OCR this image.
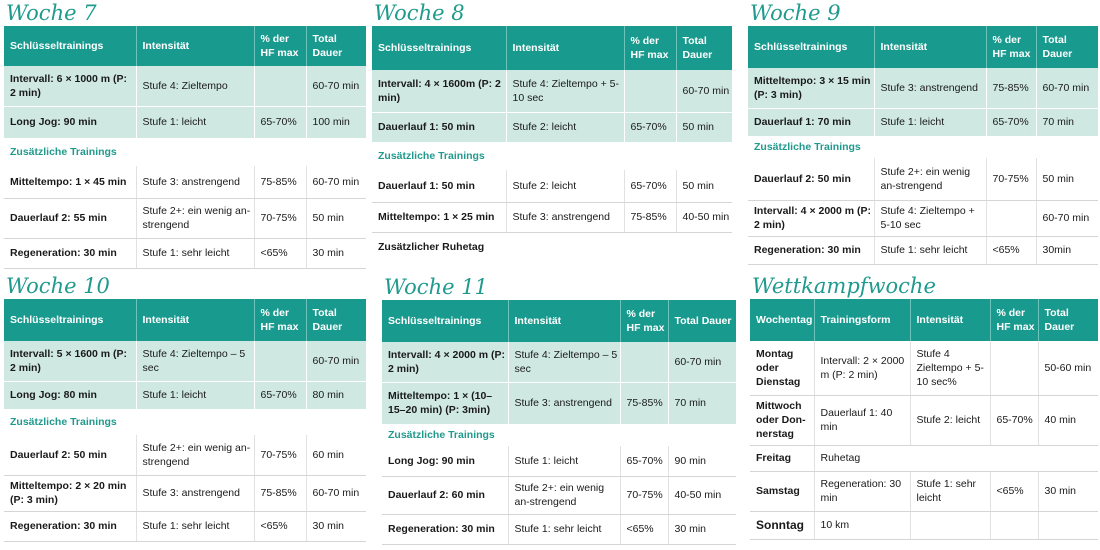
Woche 7
Schlüsseltrainings	Intensität	% der HF max	Total Dauer
Intervall: 6 × 1000 m (P: 2 min)	Stufe 4: Zieltempo		60-70 min
Long Jog: 90 min	Stufe 1: leicht	65-70%	100 min
Zusätzliche Trainings			
Mitteltempo: 1 × 45 min	Stufe 3: anstrengend	75-85%	60-70 min
Dauerlauf 2: 55 min	Stufe 2+: ein wenig an-strengend	70-75%	50 min
Regeneration: 30 min	Stufe 1: sehr leicht	<65%	30 min
Woche 8
Schlüsseltrainings	Intensität	% der HF max	Total Dauer
Intervall: 4 × 1600m (P: 2 min)	Stufe 4: Zieltempo + 5-10 sec		60-70 min
Dauerlauf 1: 50 min	Stufe 2: leicht	65-70%	50 min
Zusätzliche Trainings			
Dauerlauf 1: 50 min	Stufe 2: leicht	65-70%	50 min
Mitteltempo: 1 × 25 min	Stufe 3: anstrengend	75-85%	40-50 min
Zusätzlicher Ruhetag			
Woche 9
Schlüsseltrainings	Intensität	% der HF max	Total Dauer
Mitteltempo: 3 × 15 min (P: 3 min)	Stufe 3: anstrengend	75-85%	60-70 min
Dauerlauf 1: 70 min	Stufe 1: leicht	65-70%	70 min
Zusätzliche Trainings			
Dauerlauf 2: 50 min	Stufe 2+: ein wenig an-strengend	70-75%	50 min
Intervall: 4 × 2000 m (P: 2 min)	Stufe 4: Zieltempo + 5-10 sec		60-70 min
Regeneration: 30 min	Stufe 1: sehr leicht	<65%	30min
Woche 10
Schlüsseltrainings	Intensität	% der HF max	Total Dauer
Intervall: 5 × 1600 m (P: 2 min)	Stufe 4: Zieltempo – 5 sec		60-70 min
Long Jog: 80 min	Stufe 1: leicht	65-70%	80 min
Zusätzliche Trainings			
Dauerlauf 2: 50 min	Stufe 2+: ein wenig an-strengend	70-75%	60 min
Mitteltempo: 2 × 20 min (P: 3 min)	Stufe 3: anstrengend	75-85%	60-70 min
Regeneration: 30 min	Stufe 1: sehr leicht	<65%	30 min
Woche 11
Schlüsseltrainings	Intensität	% der HF max	Total Dauer
Intervall: 4 × 2000 m (P: 2 min)	Stufe 4: Zieltempo – 5 sec		60-70 min
Mitteltempo: 1 × (10–15–20 min) (P: 3min)	Stufe 3: anstrengend	75-85%	70 min
Zusätzliche Trainings			
Long Jog: 90 min	Stufe 1: leicht	65-70%	90 min
Dauerlauf 2: 60 min	Stufe 2+: ein wenig an-strengend	70-75%	40-50 min
Regeneration: 30 min	Stufe 1: sehr leicht	<65%	30 min
Wettkampfwoche
Wochentag	Trainingsform	Intensität	% der HF max	Total Dauer
Montag oder Dienstag	Intervall: 2 × 2000 m (P: 2 min)	Stufe 4 Zieltempo + 5-10 sec%		50-60 min
Mittwoch oder Don-nerstag	Dauerlauf 1: 40 min	Stufe 2: leicht	65-70%	40 min
Freitag	Ruhetag			
Samstag	Regeneration: 30 min	Stufe 1: sehr leicht	<65%	30 min
Sonntag	10 km			
